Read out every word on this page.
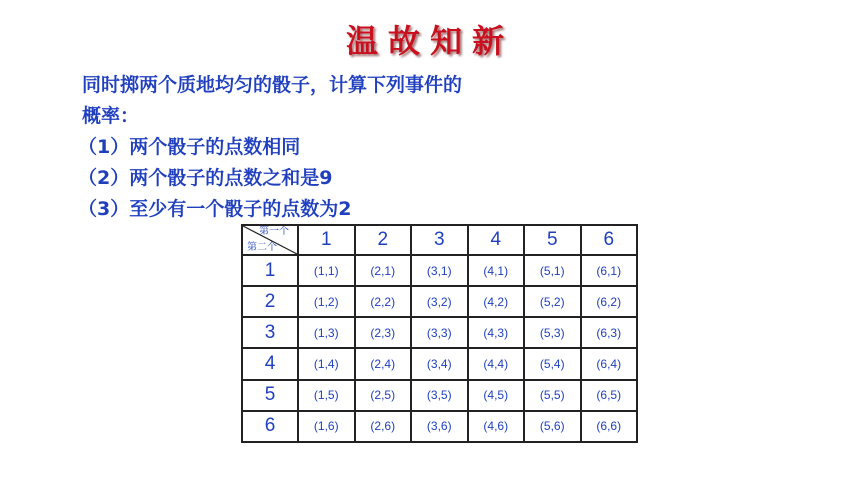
温故知新
同时掷两个质地均匀的骰子，计算下列事件的
概率：
（1）两个骰子的点数相同
（2）两个骰子的点数之和是9
（3）至少有一个骰子的点数为2
第一个
第二个	1	2	3	4	5	6
1	(1,1)	(2,1)	(3,1)	(4,1)	(5,1)	(6,1)
2	(1,2)	(2,2)	(3,2)	(4,2)	(5,2)	(6,2)
3	(1,3)	(2,3)	(3,3)	(4,3)	(5,3)	(6,3)
4	(1,4)	(2,4)	(3,4)	(4,4)	(5,4)	(6,4)
5	(1,5)	(2,5)	(3,5)	(4,5)	(5,5)	(6,5)
6	(1,6)	(2,6)	(3,6)	(4,6)	(5,6)	(6,6)
